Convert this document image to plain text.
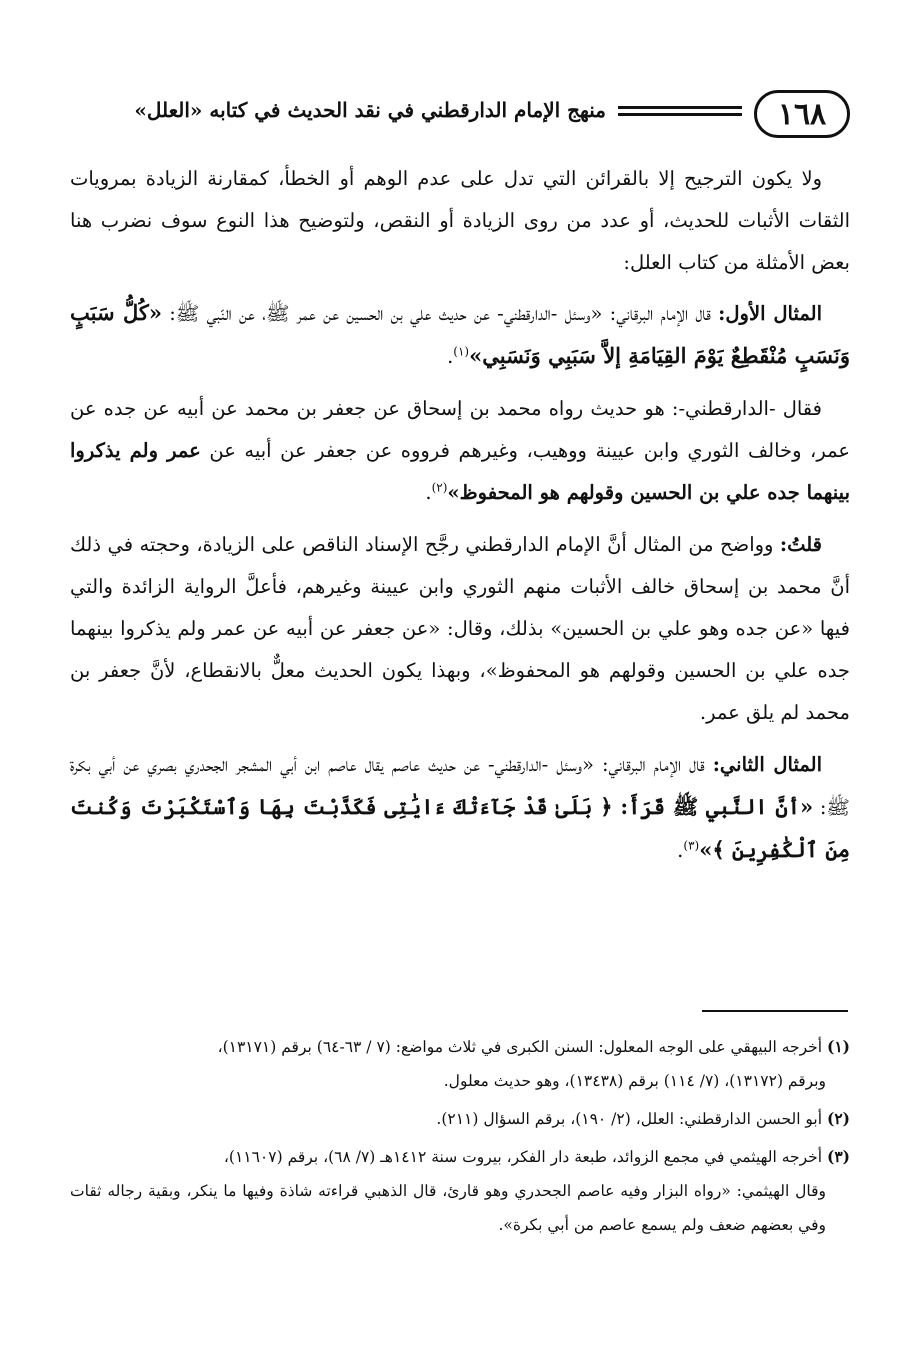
١٦٨
منهج الإمام الدارقطني في نقد الحديث في كتابه «العلل»

ولا يكون الترجيح إلا بالقرائن التي تدل على عدم الوهم أو الخطأ، كمقارنة الزيادة بمرويات الثقات الأثبات للحديث، أو عدد من روى الزيادة أو النقص، ولتوضيح هذا النوع سوف نضرب هنا بعض الأمثلة من كتاب العلل:

المثال الأول: قال الإمام البرقاني: «وسئل -الدارقطني- عن حديث علي بن الحسين عن عمر ﷺ، عن النّبي ﷺ: «كُلُّ سَبَبٍ وَنَسَبٍ مُنْقَطِعٌ يَوْمَ القِيَامَةِ إلاَّ سَبَبِي وَنَسَبِي»$^{(١)}$.

فقال -الدارقطني-: هو حديث رواه محمد بن إسحاق عن جعفر بن محمد عن أبيه عن جده عن عمر، وخالف الثوري وابن عيينة ووهيب، وغيرهم فرووه عن جعفر عن أبيه عن عمر ولم يذكروا بينهما جده علي بن الحسين وقولهم هو المحفوظ»$^{(٢)}$.

قلتُ: وواضح من المثال أنَّ الإمام الدارقطني رجَّح الإسناد الناقص على الزيادة، وحجته في ذلك أنَّ محمد بن إسحاق خالف الأثبات منهم الثوري وابن عيينة وغيرهم، فأعلَّ الرواية الزائدة والتي فيها «عن جده وهو علي بن الحسين» بذلك، وقال: «عن جعفر عن أبيه عن عمر ولم يذكروا بينهما جده علي بن الحسين وقولهم هو المحفوظ»، وبهذا يكون الحديث معلٌّ بالانقطاع، لأنَّ جعفر بن محمد لم يلق عمر.

المثال الثاني: قال الإمام البرقاني: «وسئل -الدارقطني- عن حديث عاصم يقال عاصم ابن أبي المشجر الجحدري بصري عن أبي بكرة ﷺ: «أنَّ النَّبي ﷺ قَرَأَ: ﴿ بَلَىٰ قَدْ جَآءَتْكَ ءَايَٰتِى فَكَذَّبْتَ بِهَا وَٱسْتَكْبَرْتَ وَكُنتَ مِنَ ٱلْكَٰفِرِينَ ﴾»$^{(٣)}$.

(١) أخرجه البيهقي على الوجه المعلول: السنن الكبرى في ثلاث مواضع: (٧ / ٦٣-٦٤) برقم (١٣١٧١)،
وبرقم (١٣١٧٢)، (٧/ ١١٤) برقم (١٣٤٣٨)، وهو حديث معلول.

(٢) أبو الحسن الدارقطني: العلل، (٢/ ١٩٠)، برقم السؤال (٢١١).

(٣) أخرجه الهيثمي في مجمع الزوائد، طبعة دار الفكر، بيروت سنة ١٤١٢هـ (٧/ ٦٨)، برقم (١١٦٠٧)،
وقال الهيثمي: «رواه البزار وفيه عاصم الجحدري وهو قارئ، قال الذهبي قراءته شاذة وفيها ما ينكر، وبقية رجاله ثقات وفي بعضهم ضعف ولم يسمع عاصم من أبي بكرة».
